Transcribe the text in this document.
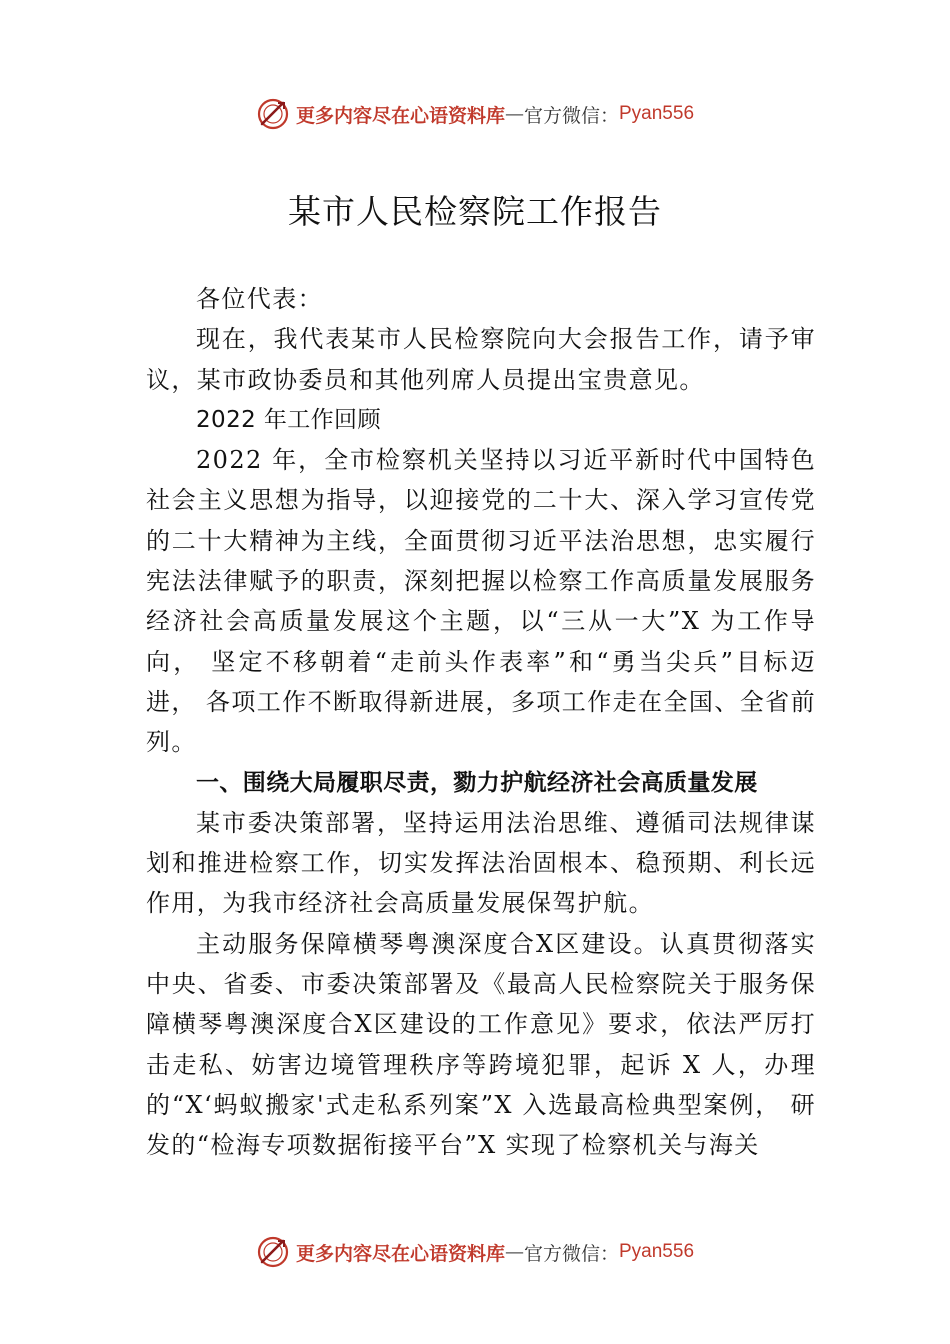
更多内容尽在心语资料库 — 官方微信： Pyan556
某市人民检察院工作报告

各位代表：

现在，我代表某市人民检察院向大会报告工作，请予审议，某市政协委员和其他列席人员提出宝贵意见。

2022 年工作回顾

2022 年，全市检察机关坚持以习近平新时代中国特色社会主义思想为指导，以迎接党的二十大、深入学习宣传党的二十大精神为主线，全面贯彻习近平法治思想，忠实履行宪法法律赋予的职责，深刻把握以检察工作高质量发展服务经济社会高质量发展这个主题，以“三从一大”X 为工作导向， 坚定不移朝着“走前头作表率”和“勇当尖兵”目标迈进， 各项工作不断取得新进展，多项工作走在全国、全省前列。

一、围绕大局履职尽责，勠力护航经济社会高质量发展

某市委决策部署，坚持运用法治思维、遵循司法规律谋划和推进检察工作，切实发挥法治固根本、稳预期、利长远作用，为我市经济社会高质量发展保驾护航。

主动服务保障横琴粤澳深度合X区建设。认真贯彻落实中央、省委、市委决策部署及《最高人民检察院关于服务保障横琴粤澳深度合X区建设的工作意见》要求，依法严厉打击走私、妨害边境管理秩序等跨境犯罪，起诉 X 人，办理的“X‘蚂蚁搬家'式走私系列案”X 入选最高检典型案例， 研发的“检海专项数据衔接平台”X 实现了检察机关与海关

更多内容尽在心语资料库 — 官方微信： Pyan556
